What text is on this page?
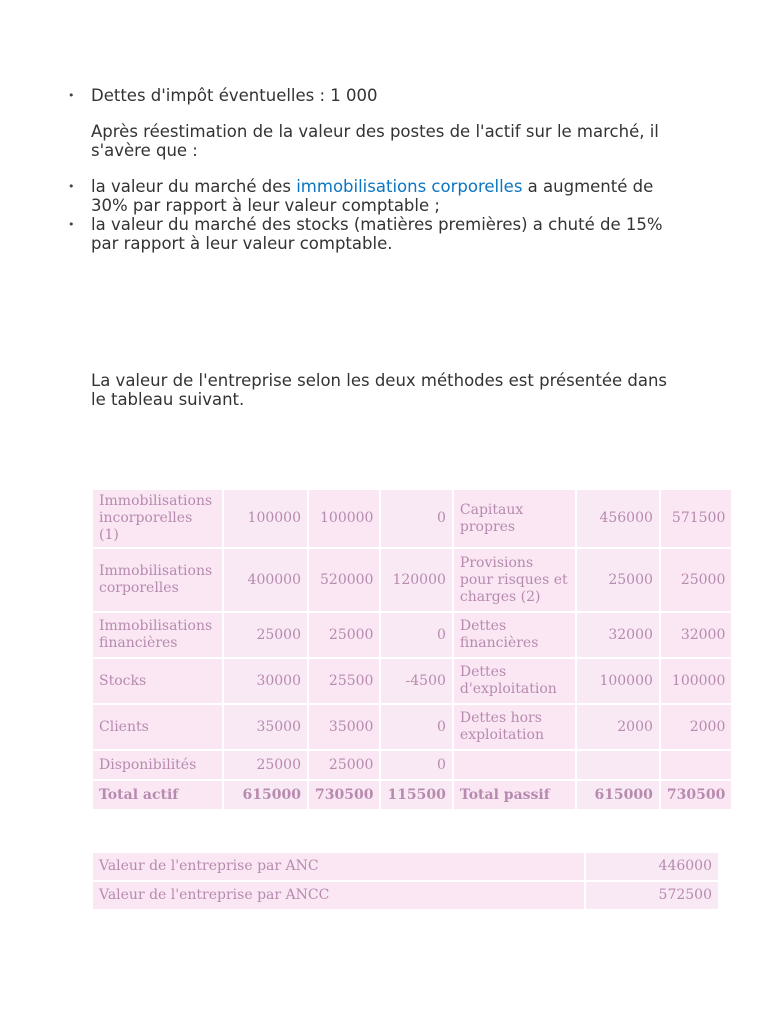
• Dettes d'impôt éventuelles : 1 000

Après réestimation de la valeur des postes de l'actif sur le marché, il s'avère que :

• la valeur du marché des immobilisations corporelles a augmenté de 30% par rapport à leur valeur comptable ;
• la valeur du marché des stocks (matières premières) a chuté de 15% par rapport à leur valeur comptable.

La valeur de l'entreprise selon les deux méthodes est présentée dans le tableau suivant.

Immobilisations incorporelles (1)	100000	100000	0	Capitaux propres	456000	571500
Immobilisations corporelles	400000	520000	120000	Provisions pour risques et charges (2)	25000	25000
Immobilisations financières	25000	25000	0	Dettes financières	32000	32000
Stocks	30000	25500	-4500	Dettes d'exploitation	100000	100000
Clients	35000	35000	0	Dettes hors exploitation	2000	2000
Disponibilités	25000	25000	0			
Total actif	615000	730500	115500	Total passif	615000	730500
Valeur de l'entreprise par ANC	446000
Valeur de l'entreprise par ANCC	572500
